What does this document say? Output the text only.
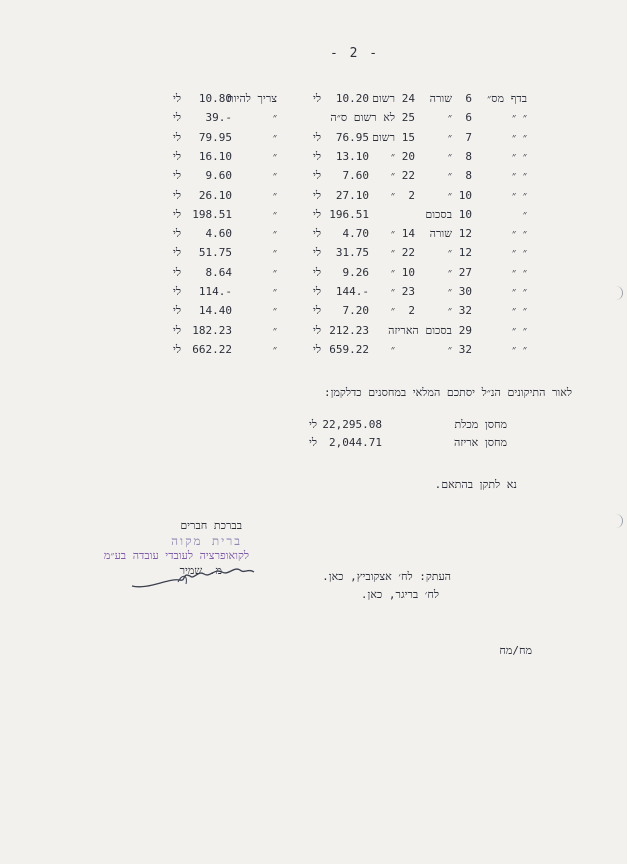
- 2 -
בדף מס״
6
שורה
24
רשום
10.20
לי
צריך להיות
10.80
לי
״ ״
6
״
25
לא רשום ס״ה
״
39.-
לי
״ ״
7
״
15
רשום
76.95
לי
״
79.95
לי
״ ״
8
״
20
״
13.10
לי
״
16.10
לי
״ ״
8
״
22
״
7.60
לי
״
9.60
לי
״ ״
10
״
2
״
27.10
לי
״
26.10
לי
״
10
בסכום
196.51
לי
״
198.51
לי
״ ״
12
שורה
14
״
4.70
לי
״
4.60
לי
״ ״
12
״
22
״
31.75
לי
״
51.75
לי
״ ״
27
״
10
״
9.26
לי
״
8.64
לי
״ ״
30
״
23
״
144.-
לי
״
114.-
לי
״ ״
32
״
2
״
7.20
לי
״
14.40
לי
״ ״
29
בסכום האריזה
212.23
לי
״
182.23
לי
״ ״
32
״
״
659.22
לי
״
662.22
לי
לאור התיקונים הנ״ל יסתכם המלאי במחסנים כדלקמן:
מחסן מכלת
22,295.08
לי
מחסן אריזה
2,044.71
לי
נא לתקן בהתאם.
בברכת חברים
ברית מקוה
לקואופרציה לעובדי עובדה בע״מ
מ. שמיר	העתק: לח׳ אצקוביץ, כאן.
לח׳ בריגר, כאן.
מח/מח
